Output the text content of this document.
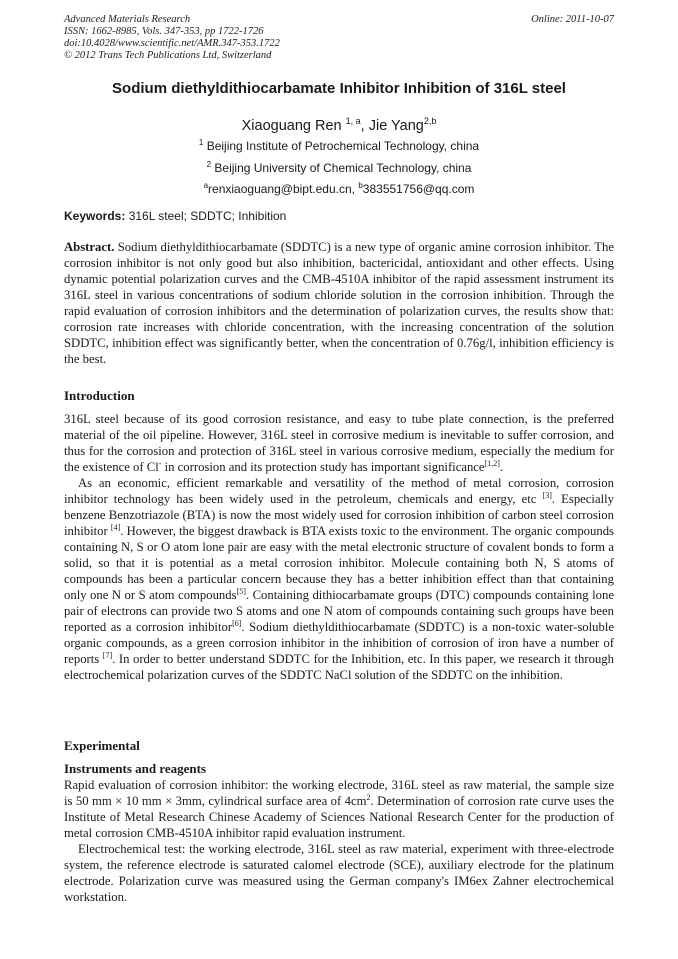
Advanced Materials Research
ISSN: 1662-8985, Vols. 347-353, pp 1722-1726
doi:10.4028/www.scientific.net/AMR.347-353.1722
© 2012 Trans Tech Publications Ltd, Switzerland
Online: 2011-10-07
Sodium diethyldithiocarbamate Inhibitor Inhibition of 316L steel
Xiaoguang Ren $^{1, a}$, Jie Yang$^{2,b}$
$^1$ Beijing Institute of Petrochemical Technology, china
$^2$ Beijing University of Chemical Technology, china
$^a$renxiaoguang@bipt.edu.cn, $^b$383551756@qq.com
Keywords: 316L steel; SDDTC; Inhibition

Abstract. Sodium diethyldithiocarbamate (SDDTC) is a new type of organic amine corrosion inhibitor. The corrosion inhibitor is not only good but also inhibition, bactericidal, antioxidant and other effects. Using dynamic potential polarization curves and the CMB-4510A inhibitor of the rapid assessment instrument its 316L steel in various concentrations of sodium chloride solution in the corrosion inhibition. Through the rapid evaluation of corrosion inhibitors and the determination of polarization curves, the results show that: corrosion rate increases with chloride concentration, with the increasing concentration of the solution SDDTC, inhibition effect was significantly better, when the concentration of 0.76g/l, inhibition efficiency is the best.

Introduction

316L steel because of its good corrosion resistance, and easy to tube plate connection, is the preferred material of the oil pipeline. However, 316L steel in corrosive medium is inevitable to suffer corrosion, and thus for the corrosion and protection of 316L steel in various corrosive medium, especially the medium for the existence of Cl- in corrosion and its protection study has important significance[1,2].

As an economic, efficient remarkable and versatility of the method of metal corrosion, corrosion inhibitor technology has been widely used in the petroleum, chemicals and energy, etc [3]. Especially benzene Benzotriazole (BTA) is now the most widely used for corrosion inhibition of carbon steel corrosion inhibitor [4]. However, the biggest drawback is BTA exists toxic to the environment. The organic compounds containing N, S or O atom lone pair are easy with the metal electronic structure of covalent bonds to form a solid, so that it is potential as a metal corrosion inhibitor. Molecule containing both N, S atoms of compounds has been a particular concern because they has a better inhibition effect than that containing only one N or S atom compounds[5]. Containing dithiocarbamate groups (DTC) compounds containing lone pair of electrons can provide two S atoms and one N atom of compounds containing such groups have been reported as a corrosion inhibitor[6]. Sodium diethyldithiocarbamate (SDDTC) is a non-toxic water-soluble organic compounds, as a green corrosion inhibitor in the inhibition of corrosion of iron have a number of reports [7]. In order to better understand SDDTC for the Inhibition, etc. In this paper, we research it through electrochemical polarization curves of the SDDTC NaCl solution of the SDDTC on the inhibition.

Experimental
Instruments and reagents

Rapid evaluation of corrosion inhibitor: the working electrode, 316L steel as raw material, the sample size is 50 mm × 10 mm × 3mm, cylindrical surface area of $4cm^2$. Determination of corrosion rate curve uses the Institute of Metal Research Chinese Academy of Sciences National Research Center for the production of metal corrosion CMB-4510A inhibitor rapid evaluation instrument.

Electrochemical test: the working electrode, 316L steel as raw material, experiment with three-electrode system, the reference electrode is saturated calomel electrode (SCE), auxiliary electrode for the platinum electrode. Polarization curve was measured using the German company's IM6ex Zahner electrochemical workstation.
